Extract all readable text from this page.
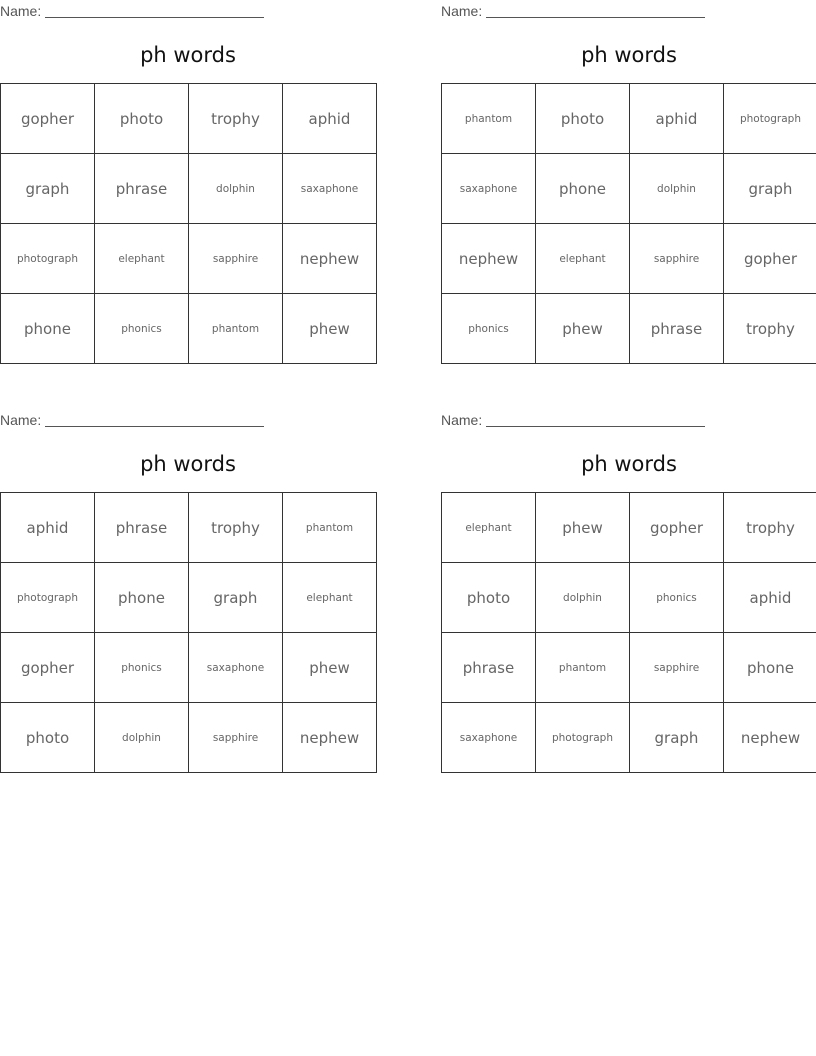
Name:
ph words
gopher	photo	trophy	aphid
graph	phrase	dolphin	saxaphone
photograph	elephant	sapphire	nephew
phone	phonics	phantom	phew
Name:
ph words
phantom	photo	aphid	photograph
saxaphone	phone	dolphin	graph
nephew	elephant	sapphire	gopher
phonics	phew	phrase	trophy
Name:
ph words
aphid	phrase	trophy	phantom
photograph	phone	graph	elephant
gopher	phonics	saxaphone	phew
photo	dolphin	sapphire	nephew
Name:
ph words
elephant	phew	gopher	trophy
photo	dolphin	phonics	aphid
phrase	phantom	sapphire	phone
saxaphone	photograph	graph	nephew
